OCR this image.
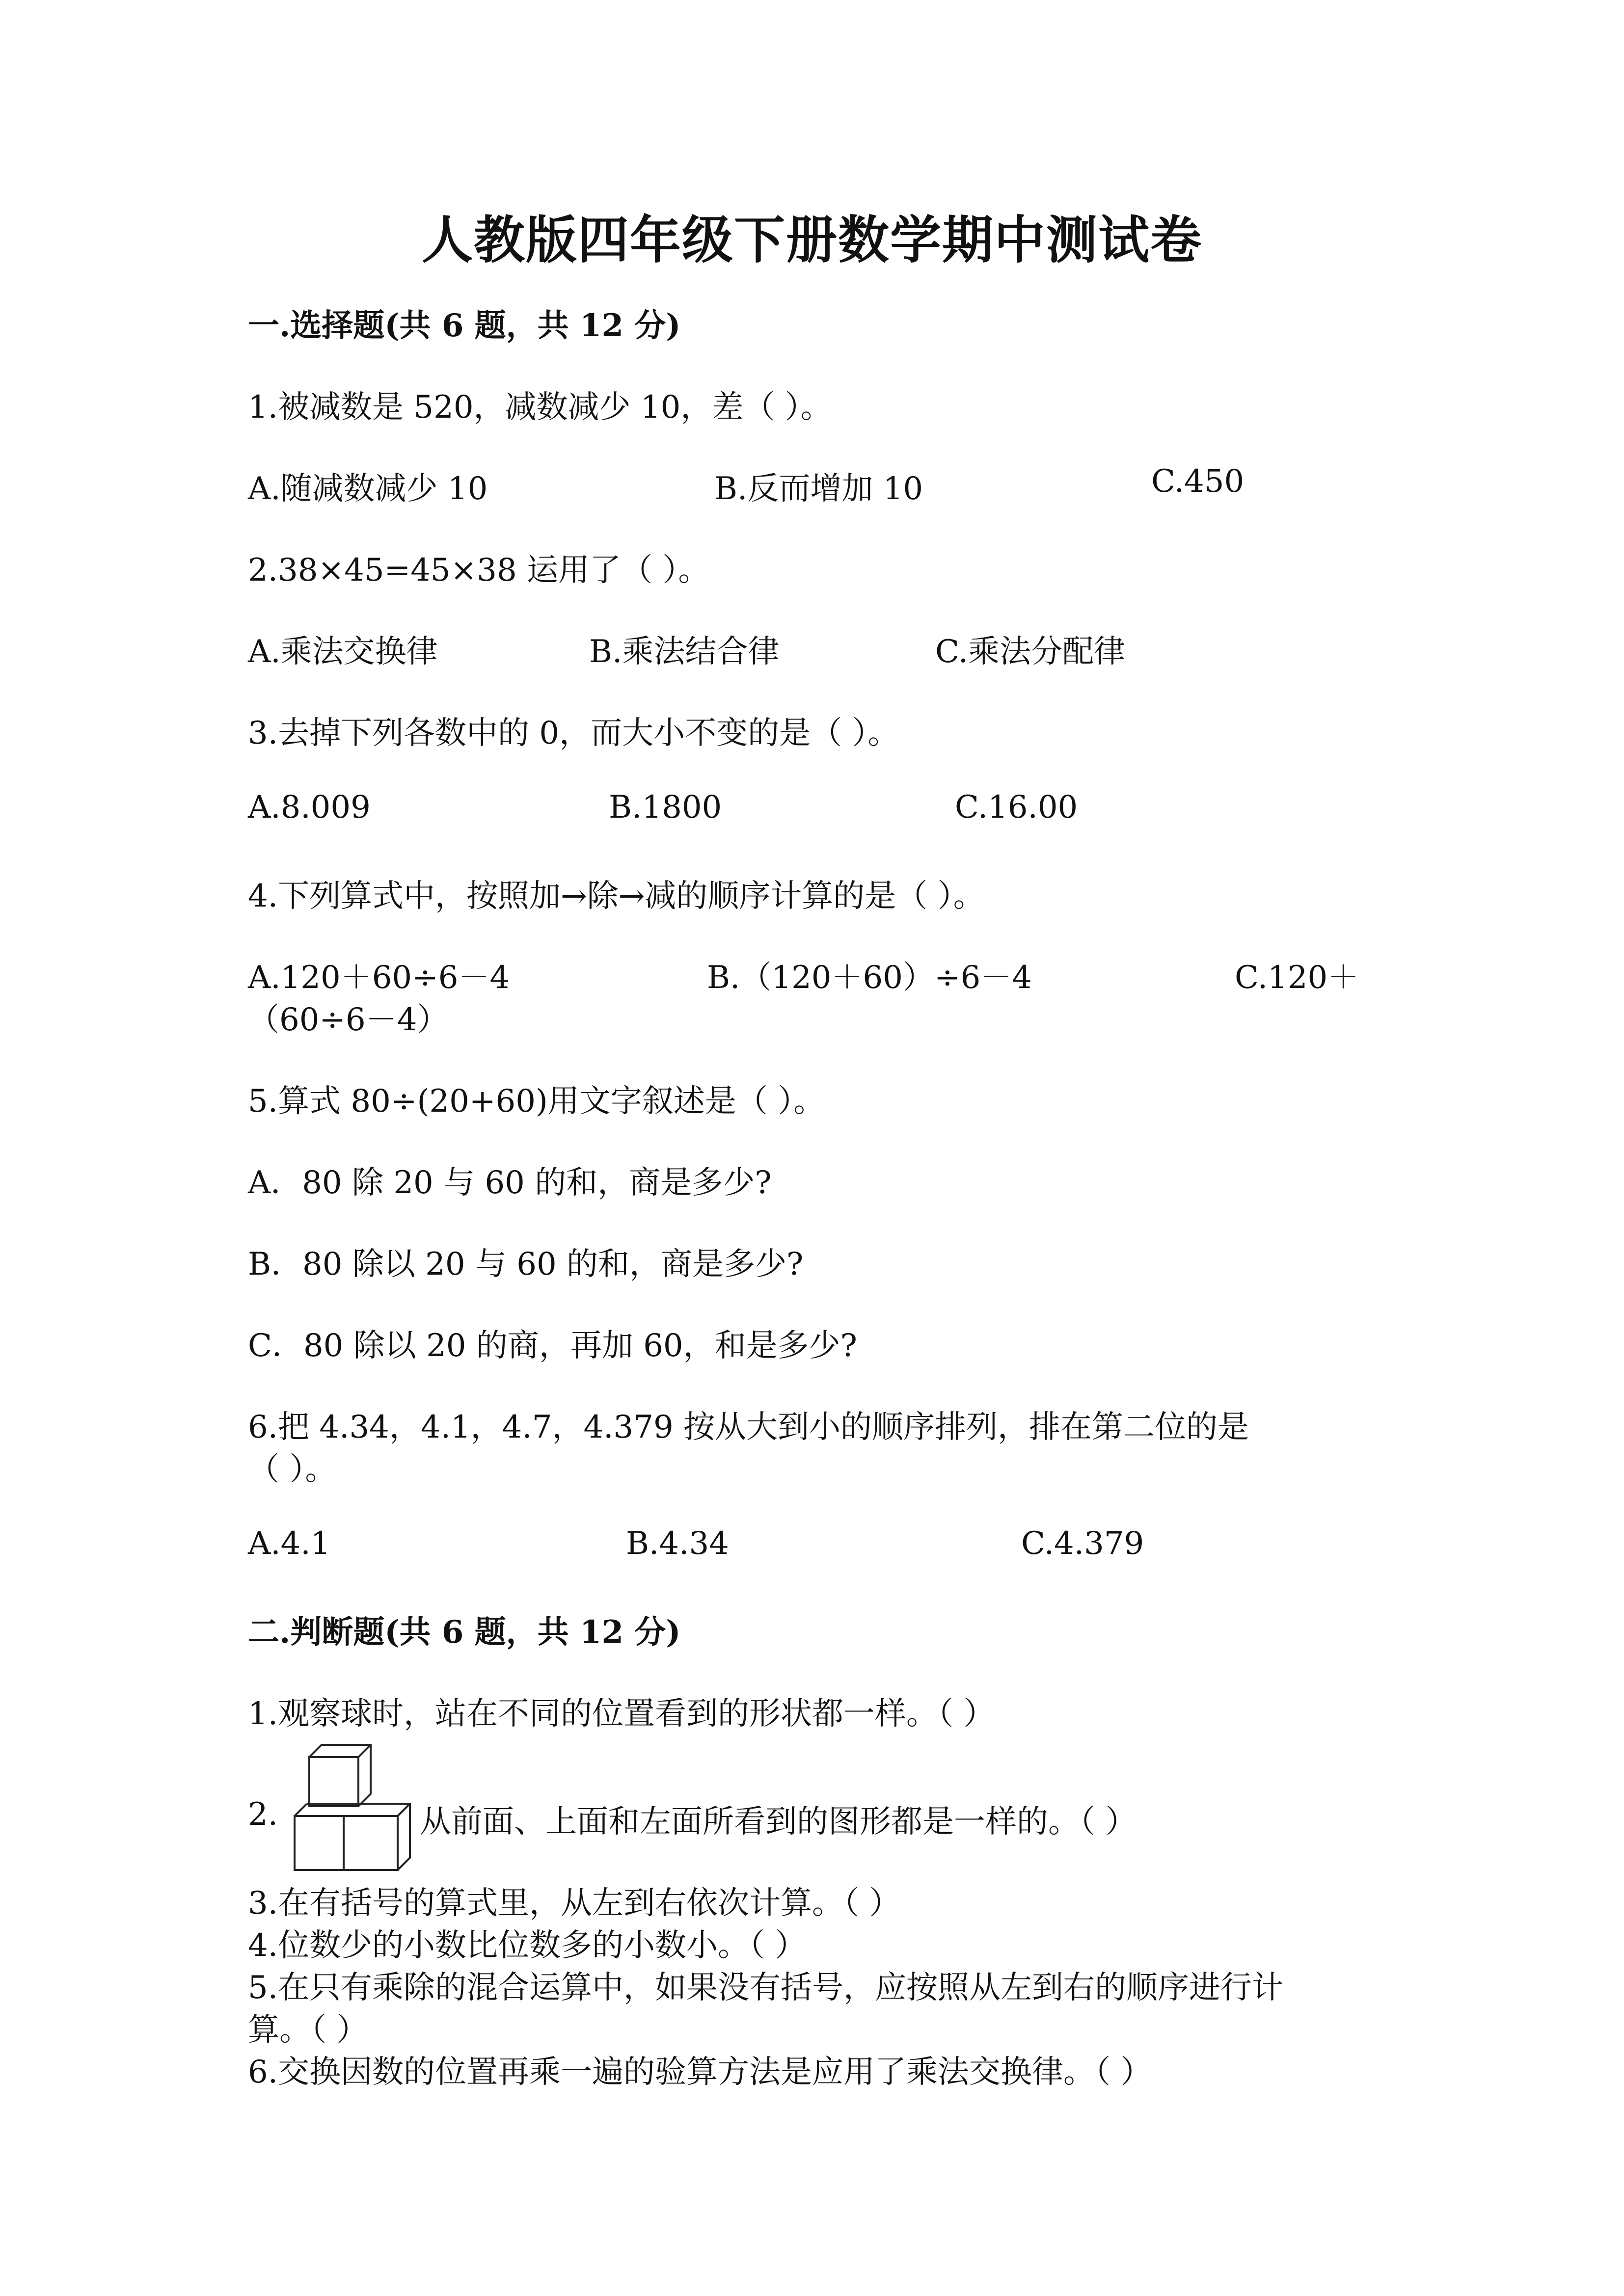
人教版四年级下册数学期中测试卷
一.选择题(共 6 题，共 12 分)
1.被减数是 520，减数减少 10，差（ ）。
A.随减数减少 10	B.反而增加 10	C.450
2.38×45=45×38 运用了（ ）。
A.乘法交换律	B.乘法结合律	C.乘法分配律
3.去掉下列各数中的 0，而大小不变的是（ ）。
A.8.009	B.1800	C.16.00
4.下列算式中，按照加→除→减的顺序计算的是（ ）。
A.120＋60÷6－4	B.（120＋60）÷6－4	C.120＋
（60÷6－4）
5.算式 80÷(20+60)用文字叙述是（ ）。
A．80 除 20 与 60 的和，商是多少?
B．80 除以 20 与 60 的和，商是多少?
C．80 除以 20 的商，再加 60，和是多少?
6.把 4.34，4.1，4.7，4.379 按从大到小的顺序排列，排在第二位的是
（ ）。
A.4.1	B.4.34	C.4.379
二.判断题(共 6 题，共 12 分)
1.观察球时，站在不同的位置看到的形状都一样。（ ）
2.	从前面、上面和左面所看到的图形都是一样的。（ ）
3.在有括号的算式里，从左到右依次计算。（ ）
4.位数少的小数比位数多的小数小。（ ）
5.在只有乘除的混合运算中，如果没有括号，应按照从左到右的顺序进行计
算。（ ）
6.交换因数的位置再乘一遍的验算方法是应用了乘法交换律。（ ）
